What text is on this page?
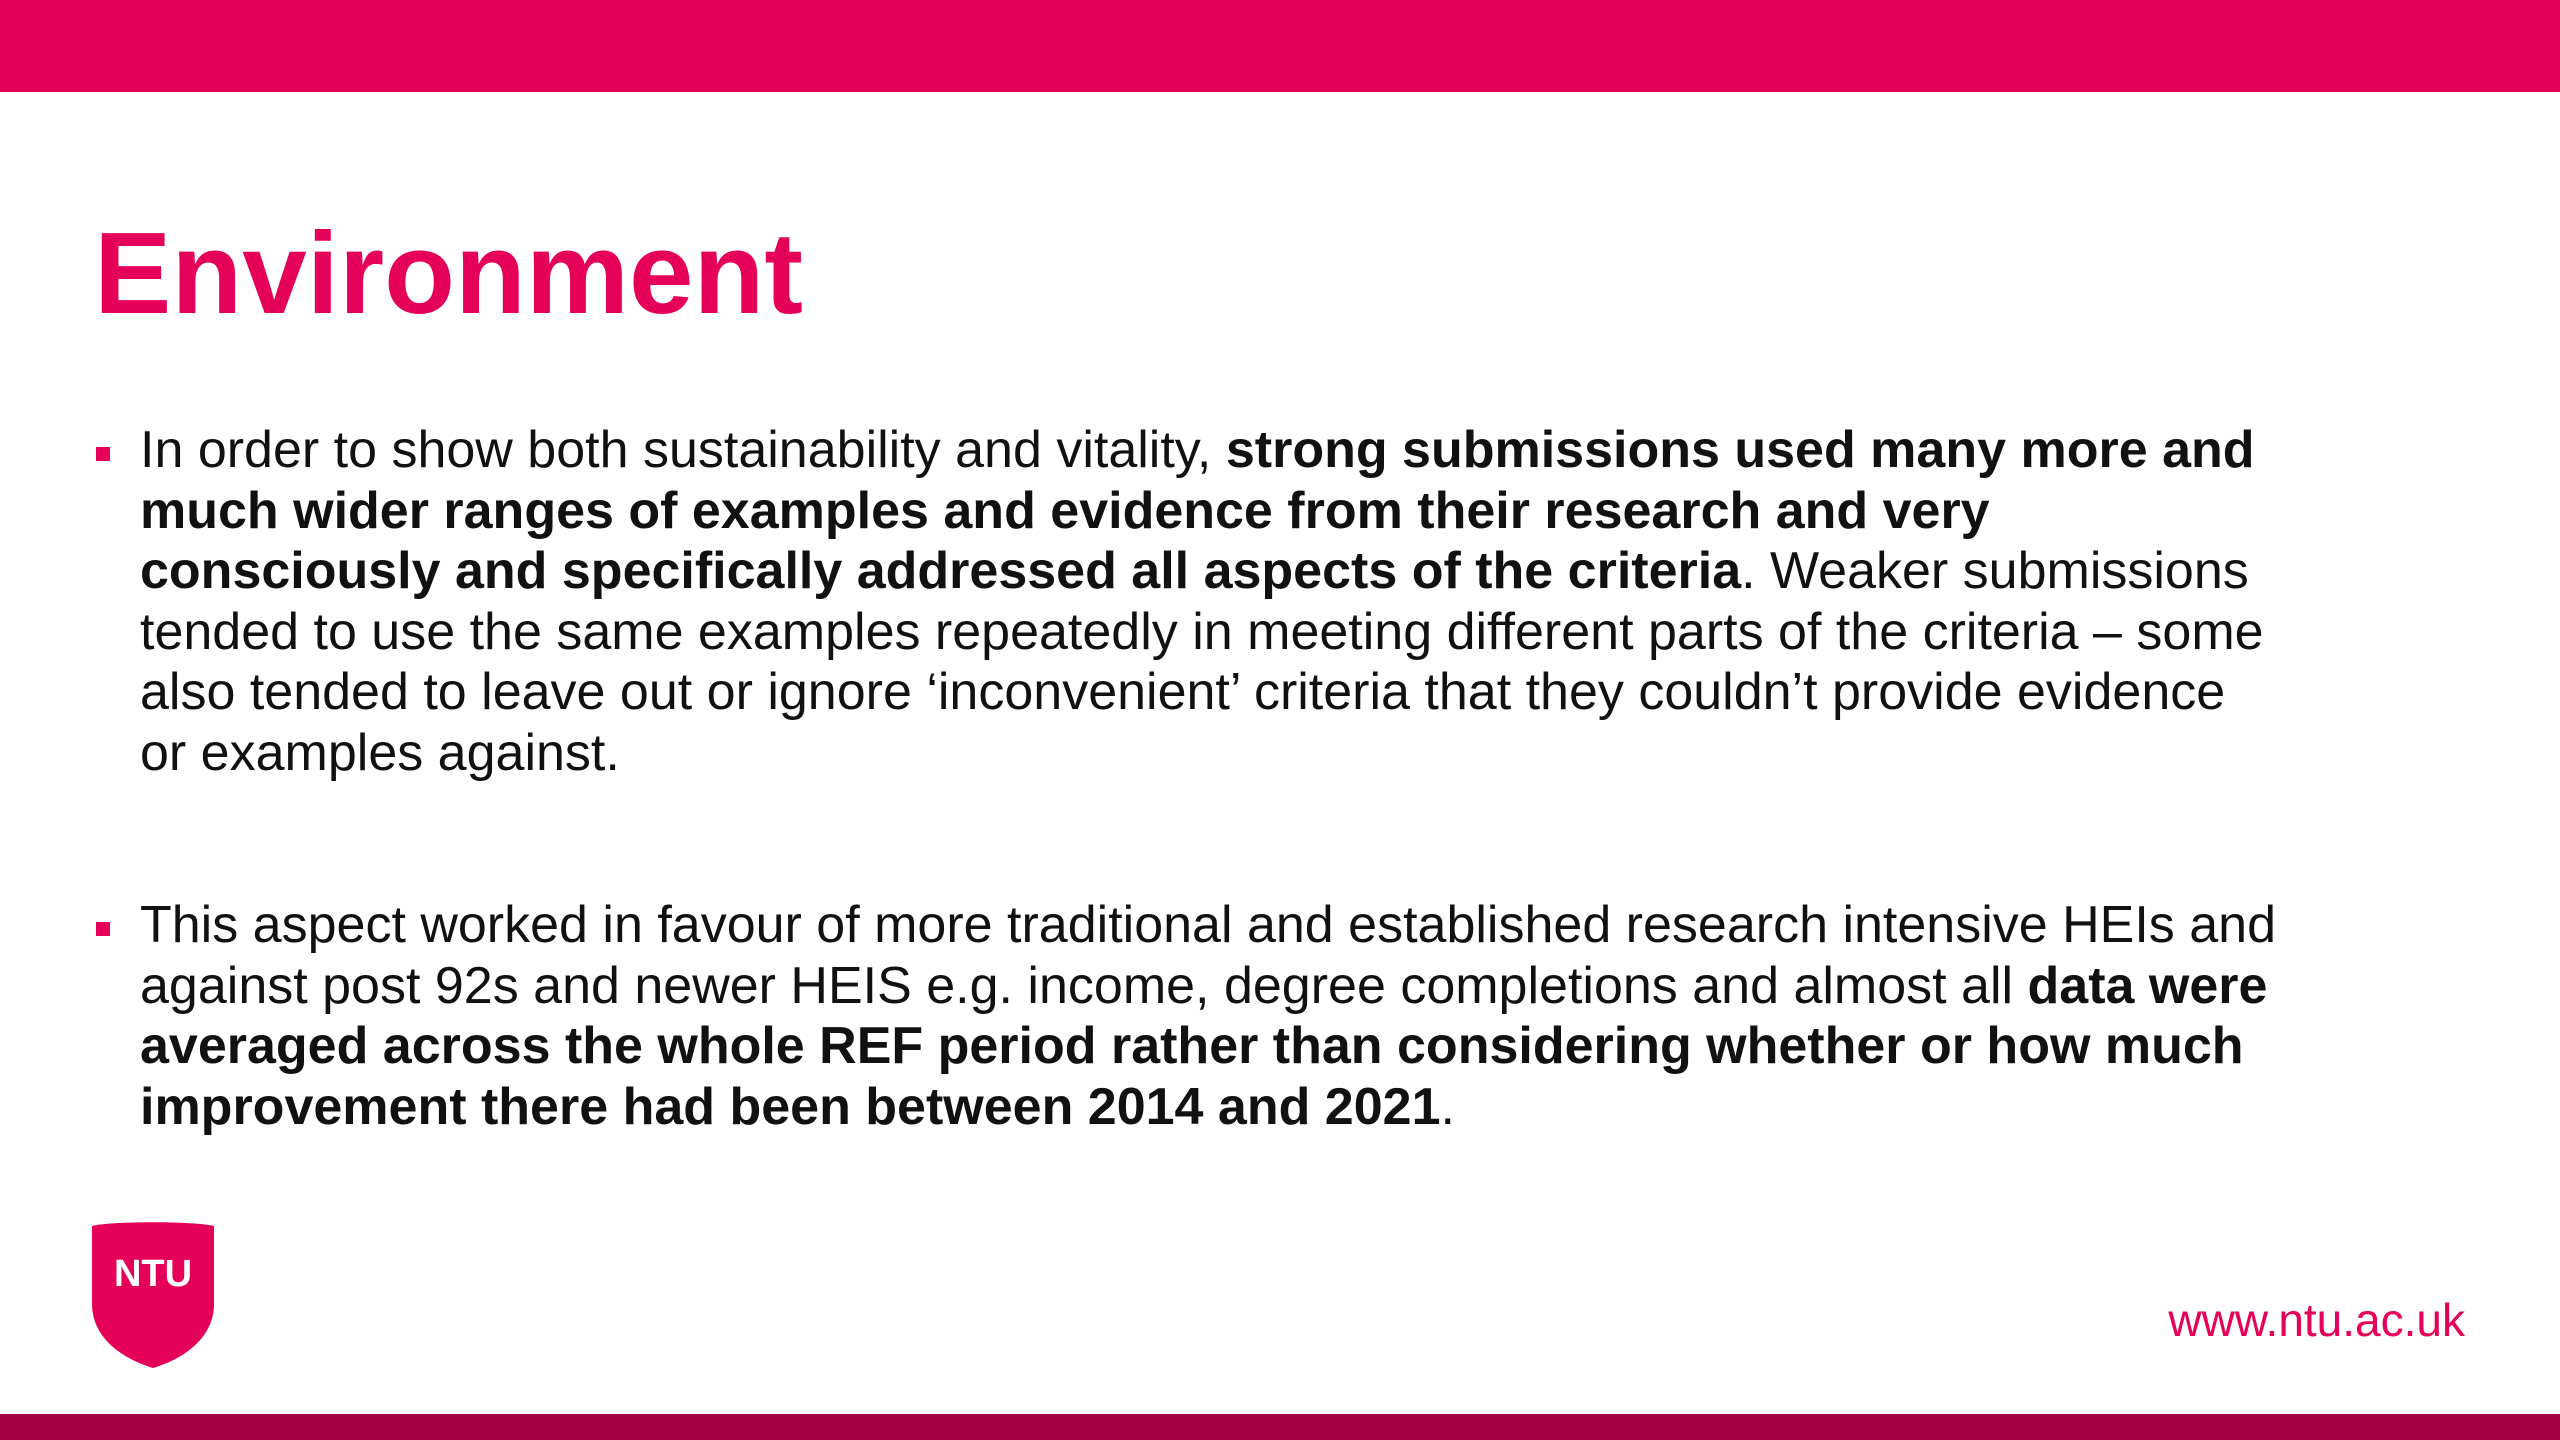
Environment
In order to show both sustainability and vitality, strong submissions used many more and
much wider ranges of examples and evidence from their research and very
consciously and specifically addressed all aspects of the criteria. Weaker submissions
tended to use the same examples repeatedly in meeting different parts of the criteria – some
also tended to leave out or ignore ‘inconvenient’ criteria that they couldn’t provide evidence
or examples against.
This aspect worked in favour of more traditional and established research intensive HEIs and
against post 92s and newer HEIS e.g. income, degree completions and almost all data were
averaged across the whole REF period rather than considering whether or how much
improvement there had been between 2014 and 2021.
NTU
www.ntu.ac.uk
